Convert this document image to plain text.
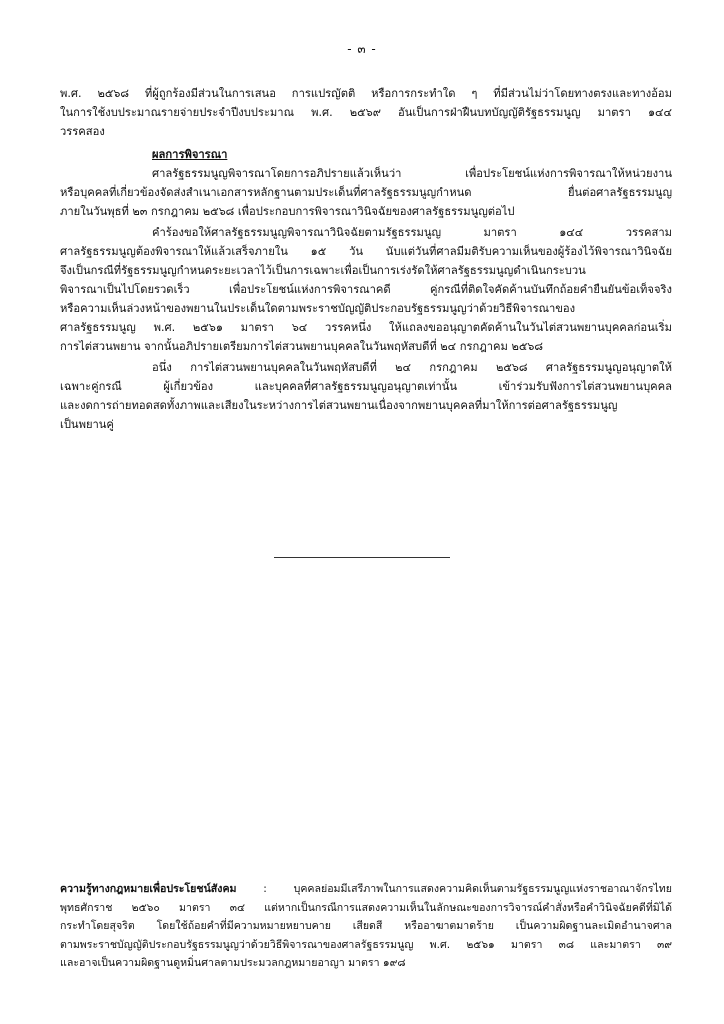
- ๓ -
พ.ศ. ๒๕๖๘ ที่ผู้ถูกร้องมีส่วนในการเสนอ การแปรญัตติ หรือการกระทำใด ๆ ที่มีส่วนไม่ว่าโดยทางตรงและทางอ้อม
ในการใช้งบประมาณรายจ่ายประจำปีงบประมาณ พ.ศ. ๒๕๖๙ อันเป็นการฝ่าฝืนบทบัญญัติรัฐธรรมนูญ มาตรา ๑๔๔
วรรคสอง
ผลการพิจารณา
ศาลรัฐธรรมนูญพิจารณาโดยการอภิปรายแล้วเห็นว่า เพื่อประโยชน์แห่งการพิจารณาให้หน่วยงาน
หรือบุคคลที่เกี่ยวข้องจัดส่งสำเนาเอกสารหลักฐานตามประเด็นที่ศาลรัฐธรรมนูญกำหนด ยื่นต่อศาลรัฐธรรมนูญ
ภายในวันพุธที่ ๒๓ กรกฎาคม ๒๕๖๘ เพื่อประกอบการพิจารณาวินิจฉัยของศาลรัฐธรรมนูญต่อไป
คำร้องขอให้ศาลรัฐธรรมนูญพิจารณาวินิจฉัยตามรัฐธรรมนูญ มาตรา ๑๔๔ วรรคสาม
ศาลรัฐธรรมนูญต้องพิจารณาให้แล้วเสร็จภายใน ๑๕ วัน นับแต่วันที่ศาลมีมติรับความเห็นของผู้ร้องไว้พิจารณาวินิจฉัย
จึงเป็นกรณีที่รัฐธรรมนูญกำหนดระยะเวลาไว้เป็นการเฉพาะเพื่อเป็นการเร่งรัดให้ศาลรัฐธรรมนูญดำเนินกระบวน
พิจารณาเป็นไปโดยรวดเร็ว เพื่อประโยชน์แห่งการพิจารณาคดี คู่กรณีที่ติดใจคัดค้านบันทึกถ้อยคำยืนยันข้อเท็จจริง
หรือความเห็นล่วงหน้าของพยานในประเด็นใดตามพระราชบัญญัติประกอบรัฐธรรมนูญว่าด้วยวิธีพิจารณาของ
ศาลรัฐธรรมนูญ พ.ศ. ๒๕๖๑ มาตรา ๖๔ วรรคหนึ่ง ให้แถลงขออนุญาตคัดค้านในวันไต่สวนพยานบุคคลก่อนเริ่ม
การไต่สวนพยาน จากนั้นอภิปรายเตรียมการไต่สวนพยานบุคคลในวันพฤหัสบดีที่ ๒๔ กรกฎาคม ๒๕๖๘
อนึ่ง การไต่สวนพยานบุคคลในวันพฤหัสบดีที่ ๒๔ กรกฎาคม ๒๕๖๘ ศาลรัฐธรรมนูญอนุญาตให้
เฉพาะคู่กรณี ผู้เกี่ยวข้อง และบุคคลที่ศาลรัฐธรรมนูญอนุญาตเท่านั้น เข้าร่วมรับฟังการไต่สวนพยานบุคคล
และงดการถ่ายทอดสดทั้งภาพและเสียงในระหว่างการไต่สวนพยานเนื่องจากพยานบุคคลที่มาให้การต่อศาลรัฐธรรมนูญ
เป็นพยานคู่
ความรู้ทางกฎหมายเพื่อประโยชน์สังคม : บุคคลย่อมมีเสรีภาพในการแสดงความคิดเห็นตามรัฐธรรมนูญแห่งราชอาณาจักรไทย
พุทธศักราช ๒๕๖๐ มาตรา ๓๔ แต่หากเป็นกรณีการแสดงความเห็นในลักษณะของการวิจารณ์คำสั่งหรือคำวินิจฉัยคดีที่มิได้
กระทำโดยสุจริต โดยใช้ถ้อยคำที่มีความหมายหยาบคาย เสียดสี หรืออาฆาตมาดร้าย เป็นความผิดฐานละเมิดอำนาจศาล
ตามพระราชบัญญัติประกอบรัฐธรรมนูญว่าด้วยวิธีพิจารณาของศาลรัฐธรรมนูญ พ.ศ. ๒๕๖๑ มาตรา ๓๘ และมาตรา ๓๙
และอาจเป็นความผิดฐานดูหมิ่นศาลตามประมวลกฎหมายอาญา มาตรา ๑๙๘
